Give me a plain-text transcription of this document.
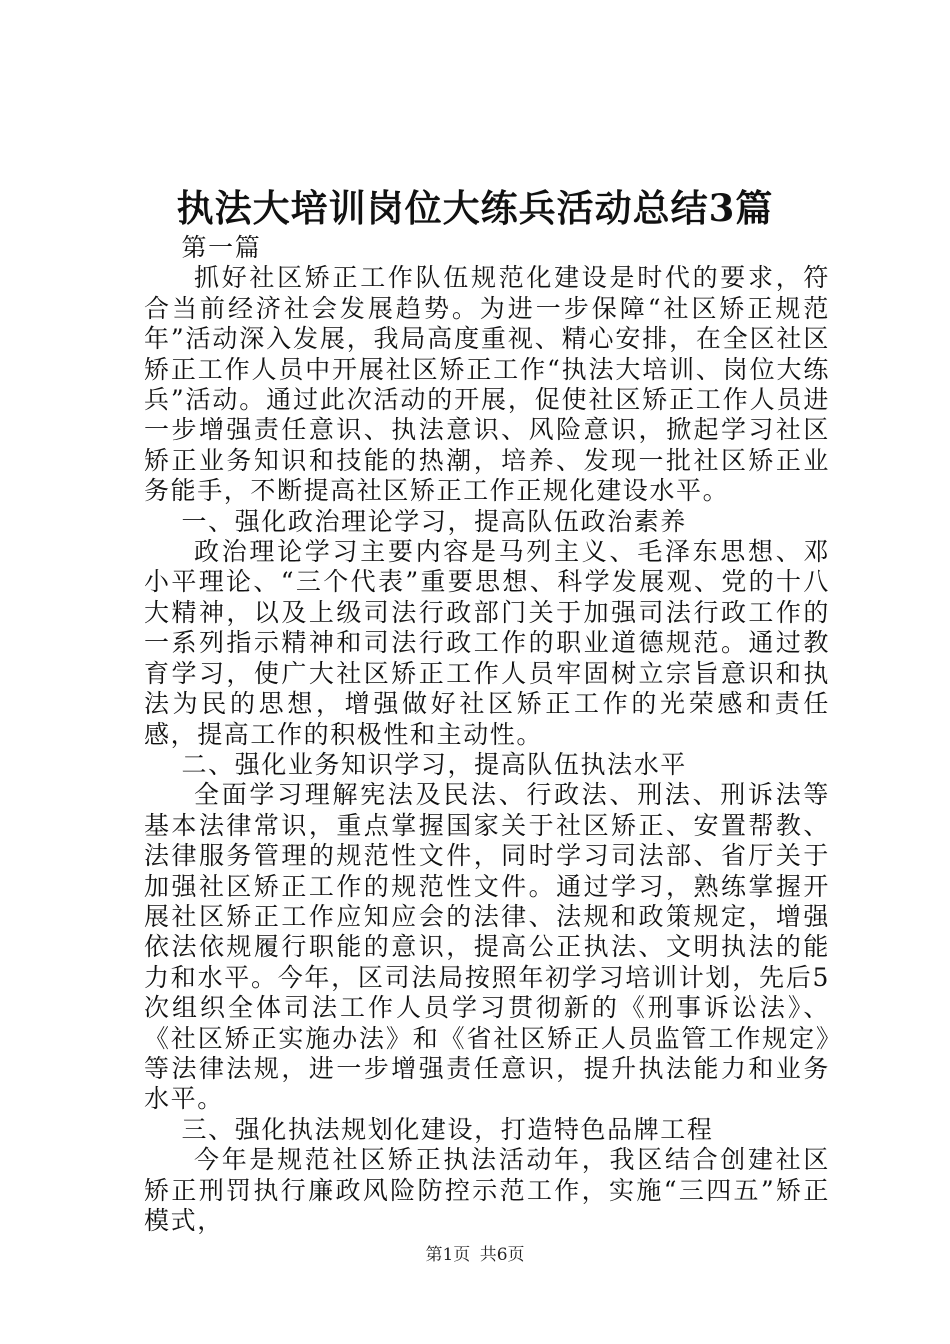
执法大培训岗位大练兵活动总结3篇

第一篇

抓好社区矫正工作队伍规范化建设是时代的要求，符合当前经济社会发展趋势。为进一步保障“社区矫正规范年”活动深入发展，我局高度重视、精心安排，在全区社区矫正工作人员中开展社区矫正工作“执法大培训、岗位大练兵”活动。通过此次活动的开展，促使社区矫正工作人员进一步增强责任意识、执法意识、风险意识，掀起学习社区矫正业务知识和技能的热潮，培养、发现一批社区矫正业务能手，不断提高社区矫正工作正规化建设水平。

一、强化政治理论学习，提高队伍政治素养

政治理论学习主要内容是马列主义、毛泽东思想、邓小平理论、“三个代表”重要思想、科学发展观、党的十八大精神，以及上级司法行政部门关于加强司法行政工作的一系列指示精神和司法行政工作的职业道德规范。通过教育学习，使广大社区矫正工作人员牢固树立宗旨意识和执法为民的思想，增强做好社区矫正工作的光荣感和责任感，提高工作的积极性和主动性。

二、强化业务知识学习，提高队伍执法水平

全面学习理解宪法及民法、行政法、刑法、刑诉法等基本法律常识，重点掌握国家关于社区矫正、安置帮教、法律服务管理的规范性文件，同时学习司法部、省厅关于加强社区矫正工作的规范性文件。通过学习，熟练掌握开展社区矫正工作应知应会的法律、法规和政策规定，增强依法依规履行职能的意识，提高公正执法、文明执法的能力和水平。今年，区司法局按照年初学习培训计划，先后5次组织全体司法工作人员学习贯彻新的《刑事诉讼法》、《社区矫正实施办法》和《省社区矫正人员监管工作规定》等法律法规，进一步增强责任意识，提升执法能力和业务水平。

三、强化执法规划化建设，打造特色品牌工程

今年是规范社区矫正执法活动年，我区结合创建社区矫正刑罚执行廉政风险防控示范工作，实施“三四五”矫正模式，

第1页 共6页
